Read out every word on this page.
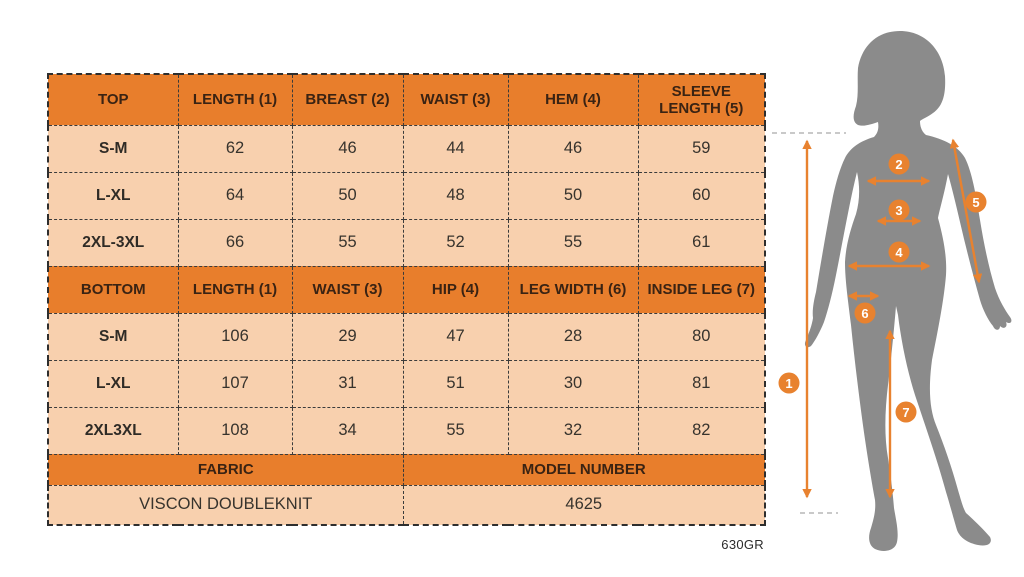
TOP	LENGTH (1)	BREAST (2)	WAIST (3)	HEM (4)	SLEEVE LENGTH (5)
S-M	62	46	44	46	59
L-XL	64	50	48	50	60
2XL-3XL	66	55	52	55	61
BOTTOM	LENGTH (1)	WAIST (3)	HIP (4)	LEG WIDTH (6)	INSIDE LEG (7)
S-M	106	29	47	28	80
L-XL	107	31	51	30	81
2XL3XL	108	34	55	32	82
FABRIC			MODEL NUMBER		
VISCON DOUBLEKNIT			4625		
630GR
1
2
3
4
5
6
7
